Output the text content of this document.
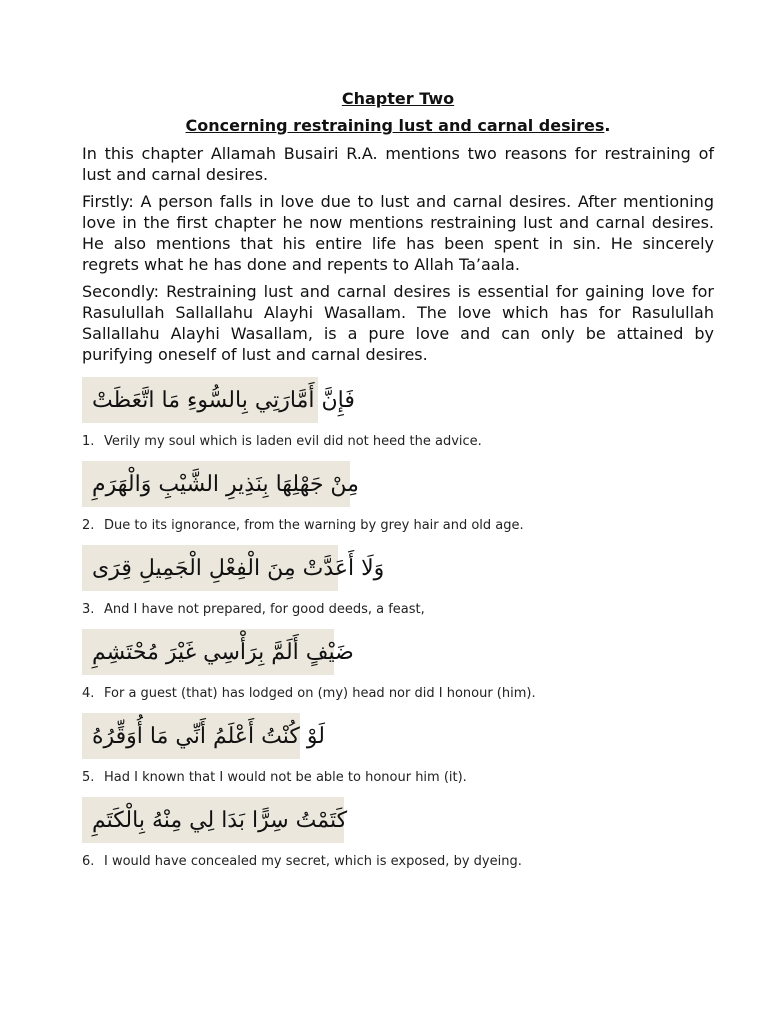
Chapter Two

Concerning restraining lust and carnal desires.

In this chapter Allamah Busairi R.A. mentions two reasons for restraining of lust and carnal desires.

Firstly: A person falls in love due to lust and carnal desires. After mentioning love in the first chapter he now mentions restraining lust and carnal desires. He also mentions that his entire life has been spent in sin. He sincerely regrets what he has done and repents to Allah Ta’aala.

Secondly: Restraining lust and carnal desires is essential for gaining love for Rasulullah Sallallahu Alayhi Wasallam. The love which has for Rasulullah Sallallahu Alayhi Wasallam, is a pure love and can only be attained by purifying oneself of lust and carnal desires.

فَإِنَّ أَمَّارَتِي بِالسُّوءِ مَا اتَّعَظَتْ
1. Verily my soul which is laden evil did not heed the advice.
مِنْ جَهْلِهَا بِنَذِيرِ الشَّيْبِ وَالْهَرَمِ
2. Due to its ignorance, from the warning by grey hair and old age.
وَلَا أَعَدَّتْ مِنَ الْفِعْلِ الْجَمِيلِ قِرَى
3. And I have not prepared, for good deeds, a feast,
ضَيْفٍ أَلَمَّ بِرَأْسِي غَيْرَ مُحْتَشِمِ
4. For a guest (that) has lodged on (my) head nor did I honour (him).
لَوْ كُنْتُ أَعْلَمُ أَنِّي مَا أُوَقِّرُهُ
5. Had I known that I would not be able to honour him (it).
كَتَمْتُ سِرًّا بَدَا لِي مِنْهُ بِالْكَتَمِ
6. I would have concealed my secret, which is exposed, by dyeing.
